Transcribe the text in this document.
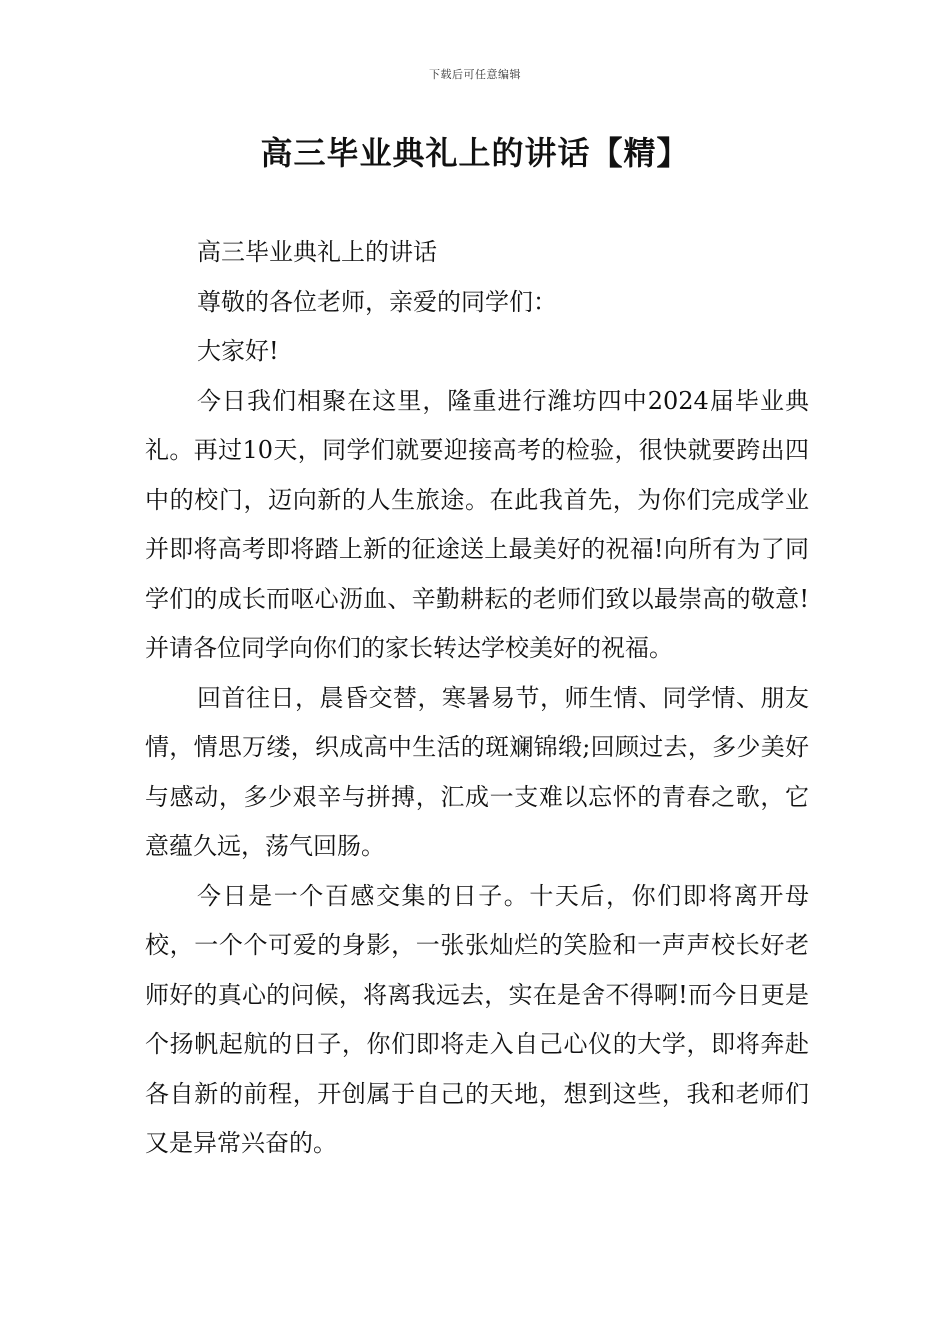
下载后可任意编辑
高三毕业典礼上的讲话【精】

高三毕业典礼上的讲话

尊敬的各位老师，亲爱的同学们：

大家好!

今日我们相聚在这里，隆重进行潍坊四中2024届毕业典礼。再过10天，同学们就要迎接高考的检验，很快就要跨出四中的校门，迈向新的人生旅途。在此我首先，为你们完成学业并即将高考即将踏上新的征途送上最美好的祝福!向所有为了同学们的成长而呕心沥血、辛勤耕耘的老师们致以最崇高的敬意!并请各位同学向你们的家长转达学校美好的祝福。

回首往日，晨昏交替，寒暑易节，师生情、同学情、朋友情，情思万缕，织成高中生活的斑斓锦缎;回顾过去，多少美好与感动，多少艰辛与拼搏，汇成一支难以忘怀的青春之歌，它意蕴久远，荡气回肠。

今日是一个百感交集的日子。十天后，你们即将离开母校，一个个可爱的身影，一张张灿烂的笑脸和一声声校长好老师好的真心的问候，将离我远去，实在是舍不得啊!而今日更是个扬帆起航的日子，你们即将走入自己心仪的大学，即将奔赴各自新的前程，开创属于自己的天地，想到这些，我和老师们又是异常兴奋的。
